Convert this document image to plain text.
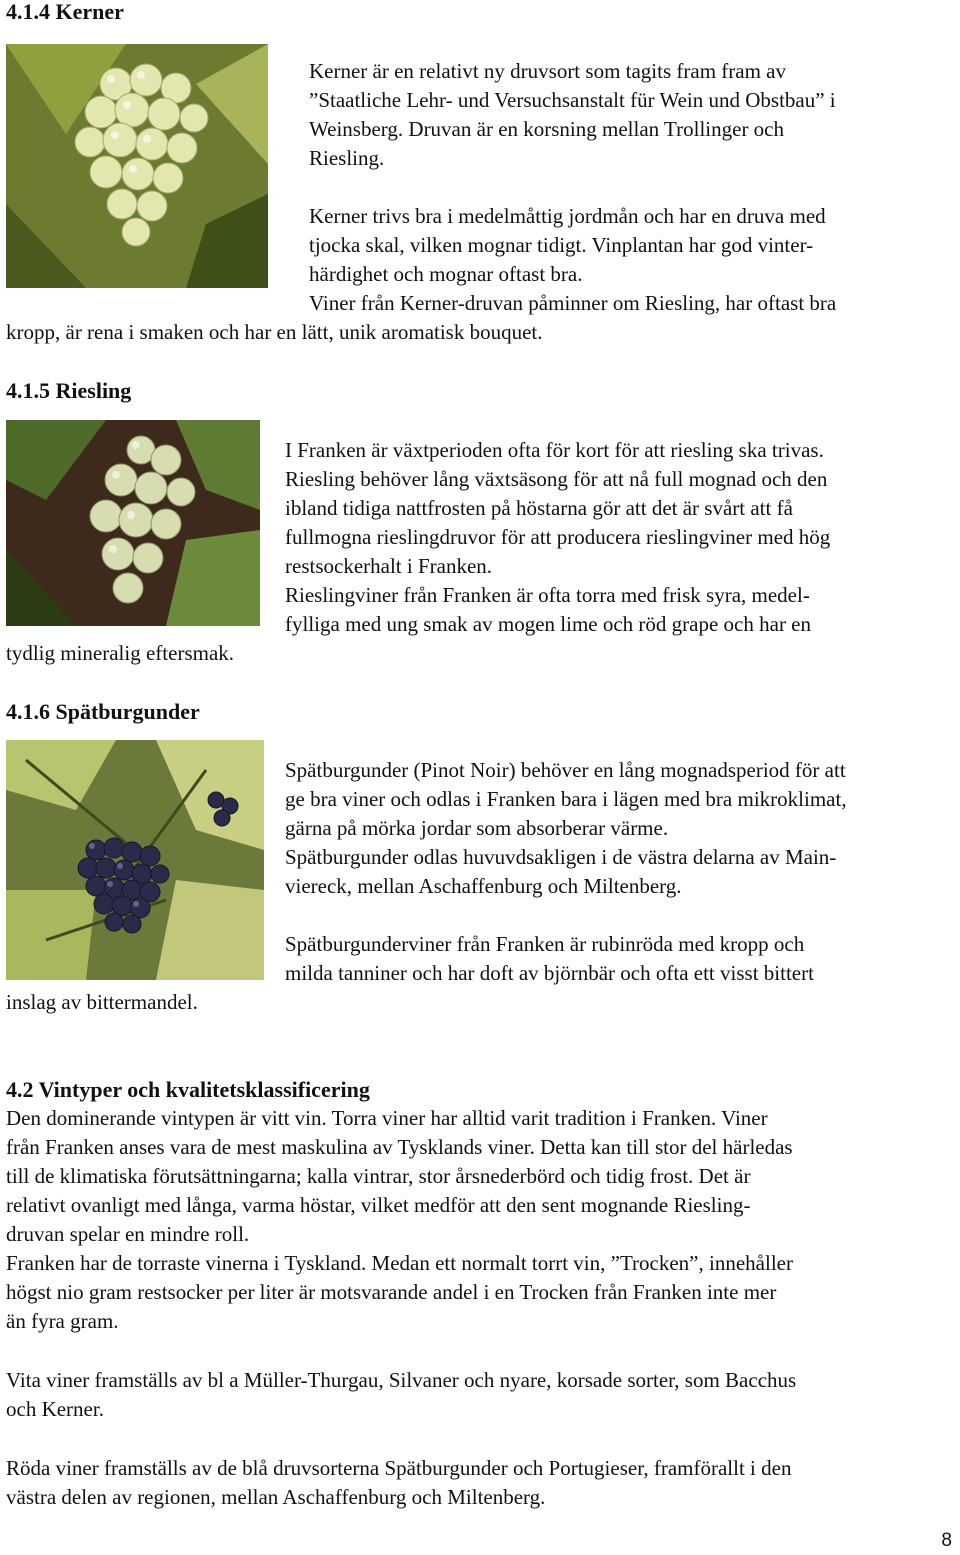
4.1.4 Kerner
Kerner är en relativt ny druvsort som tagits fram fram av
”Staatliche Lehr- und Versuchsanstalt für Wein und Obstbau” i
Weinsberg. Druvan är en korsning mellan Trollinger och
Riesling.
Kerner trivs bra i medelmåttig jordmån och har en druva med
tjocka skal, vilken mognar tidigt. Vinplantan har god vinter-
härdighet och mognar oftast bra.
Viner från Kerner-druvan påminner om Riesling, har oftast bra
kropp, är rena i smaken och har en lätt, unik aromatisk bouquet.
4.1.5 Riesling
I Franken är växtperioden ofta för kort för att riesling ska trivas.
Riesling behöver lång växtsäsong för att nå full mognad och den
ibland tidiga nattfrosten på höstarna gör att det är svårt att få
fullmogna rieslingdruvor för att producera rieslingviner med hög
restsockerhalt i Franken.
Rieslingviner från Franken är ofta torra med frisk syra, medel-
fylliga med ung smak av mogen lime och röd grape och har en
tydlig mineralig eftersmak.
4.1.6 Spätburgunder
Spätburgunder (Pinot Noir) behöver en lång mognadsperiod för att
ge bra viner och odlas i Franken bara i lägen med bra mikroklimat,
gärna på mörka jordar som absorberar värme.
Spätburgunder odlas huvuvdsakligen i de västra delarna av Main-
viereck, mellan Aschaffenburg och Miltenberg.
Spätburgunderviner från Franken är rubinröda med kropp och
milda tanniner och har doft av björnbär och ofta ett visst bittert
inslag av bittermandel.
4.2 Vintyper och kvalitetsklassificering
Den dominerande vintypen är vitt vin. Torra viner har alltid varit tradition i Franken. Viner
från Franken anses vara de mest maskulina av Tysklands viner. Detta kan till stor del härledas
till de klimatiska förutsättningarna; kalla vintrar, stor årsnederbörd och tidig frost. Det är
relativt ovanligt med långa, varma höstar, vilket medför att den sent mognande Riesling-
druvan spelar en mindre roll.
Franken har de torraste vinerna i Tyskland. Medan ett normalt torrt vin, ”Trocken”, innehåller
högst nio gram restsocker per liter är motsvarande andel i en Trocken från Franken inte mer
än fyra gram.
Vita viner framställs av bl a Müller-Thurgau, Silvaner och nyare, korsade sorter, som Bacchus
och Kerner.
Röda viner framställs av de blå druvsorterna Spätburgunder och Portugieser, framförallt i den
västra delen av regionen, mellan Aschaffenburg och Miltenberg.
8
